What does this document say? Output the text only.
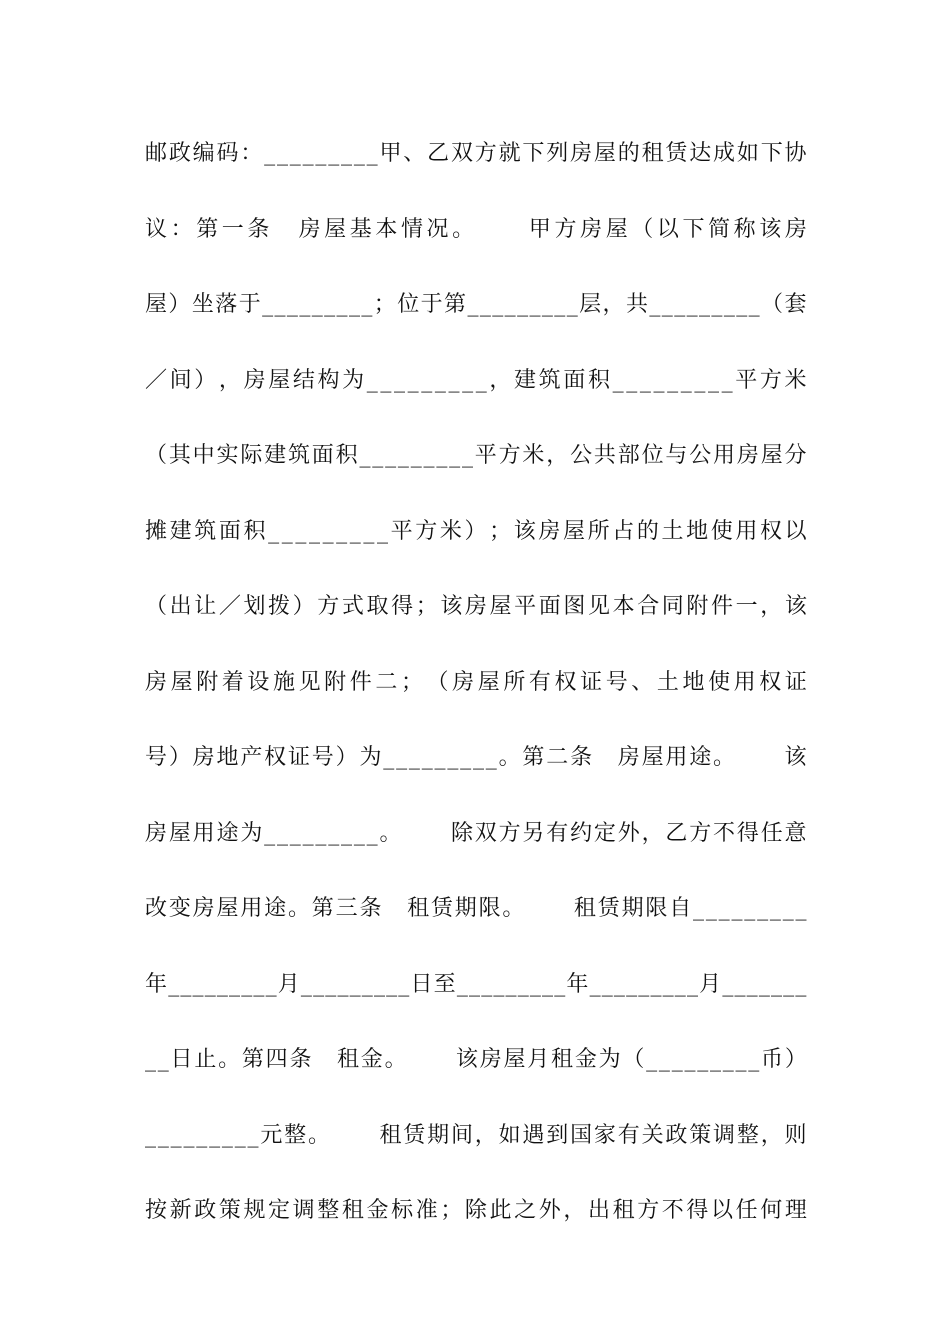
邮 政 编 码 ： _ _ _ _ _ _ _ _ _ 甲 、 乙 双 方 就 下 列 房 屋 的 租 赁 达 成 如 下 协
议 ： 第 一 条
　 房 屋 基 本 情 况 。

　 甲 方 房 屋 （ 以 下 简 称 该 房
屋 ） 坐 落 于 _ _ _ _ _ _ _ _ _ ； 位 于 第 _ _ _ _ _ _ _ _ _ 层 ， 共 _ _ _ _ _ _ _ _ _ （ 套
／ 间 ） ， 房 屋 结 构 为 _ _ _ _ _ _ _ _ _ ， 建 筑 面 积 _ _ _ _ _ _ _ _ _ 平 方 米
（ 其 中 实 际 建 筑 面 积 _ _ _ _ _ _ _ _ _ 平 方 米 ， 公 共 部 位 与 公 用 房 屋 分
摊 建 筑 面 积 _ _ _ _ _ _ _ _ _ 平 方 米 ） ； 该 房 屋 所 占 的 土 地 使 用 权 以
（ 出 让 ／ 划 拨 ） 方 式 取 得 ； 该 房 屋 平 面 图 见 本 合 同 附 件 一 ， 该
房 屋 附 着 设 施 见 附 件 二 ； （ 房 屋 所 有 权 证 号 、 土 地 使 用 权 证
号 ） 房 地 产 权 证 号 ） 为 _ _ _ _ _ _ _ _ _ 。 第 二 条
　 房 屋 用 途 。

　 该
房 屋 用 途 为 _ _ _ _ _ _ _ _ _ 。

　 除 双 方 另 有 约 定 外 ， 乙 方 不 得 任 意
改 变 房 屋 用 途 。 第 三 条
　 租 赁 期 限 。

　 租 赁 期 限 自 _ _ _ _ _ _ _ _ _
年 _ _ _ _ _ _ _ _ _ 月 _ _ _ _ _ _ _ _ _ 日 至 _ _ _ _ _ _ _ _ _ 年 _ _ _ _ _ _ _ _ _ 月 _ _ _ _ _ _ _
_ _ 日 止 。 第 四 条
　 租 金 。

　 该 房 屋 月 租 金 为 （ _ _ _ _ _ _ _ _ _ 币 ）
_ _ _ _ _ _ _ _ _ 元 整 。

　 租 赁 期 间 ， 如 遇 到 国 家 有 关 政 策 调 整 ， 则
按 新 政 策 规 定 调 整 租 金 标 准 ； 除 此 之 外 ， 出 租 方 不 得 以 任 何 理
